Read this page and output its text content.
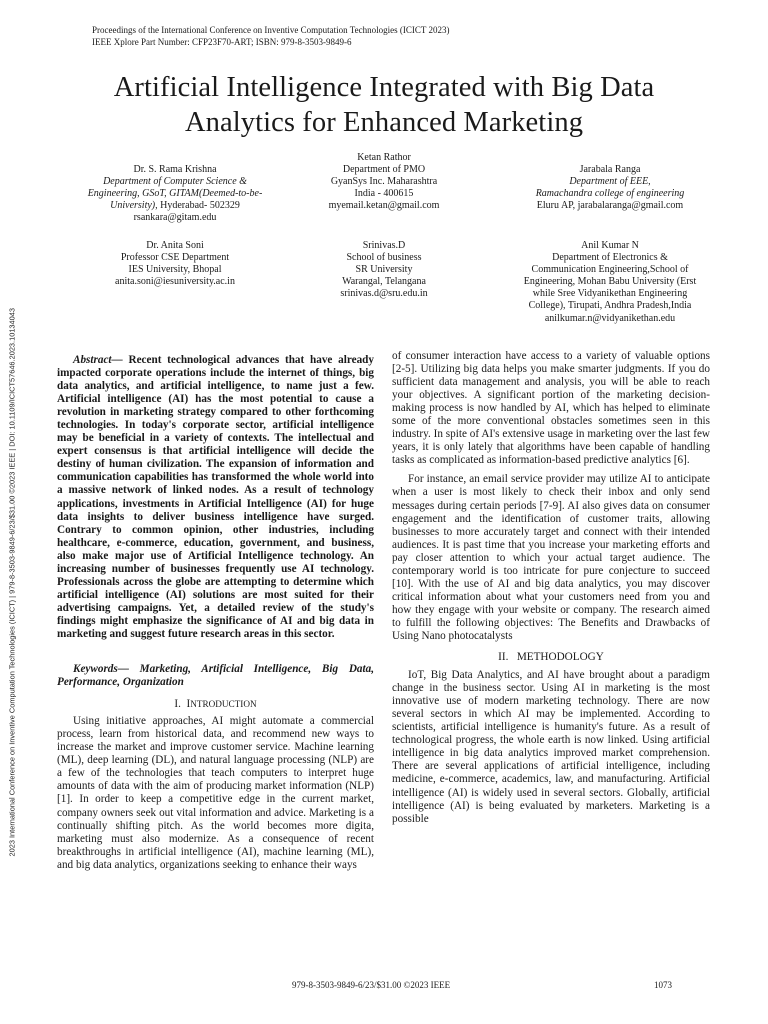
Proceedings of the International Conference on Inventive Computation Technologies (ICICT 2023)
IEEE Xplore Part Number: CFP23F70-ART; ISBN: 979-8-3503-9849-6
Artificial Intelligence Integrated with Big Data
Analytics for Enhanced Marketing
Dr. S. Rama Krishna
Department of Computer Science &
Engineering, GSoT, GITAM(Deemed-to-be-
University), Hyderabad- 502329
rsankara@gitam.edu
Ketan Rathor
Department of PMO
GyanSys Inc. Maharashtra
India - 400615
myemail.ketan@gmail.com
Jarabala Ranga
Department of EEE,
Ramachandra college of engineering
Eluru AP, jarabalaranga@gmail.com
Dr. Anita Soni
Professor CSE Department
IES University, Bhopal
anita.soni@iesuniversity.ac.in
Srinivas.D
School of business
SR University
Warangal, Telangana
srinivas.d@sru.edu.in
Anil Kumar N
Department of Electronics &
Communication Engineering,School of
Engineering, Mohan Babu University (Erst
while Sree Vidyanikethan Engineering
College), Tirupati, Andhra Pradesh,India
anilkumar.n@vidyanikethan.edu
Abstract— Recent technological advances that have already impacted corporate operations include the internet of things, big data analytics, and artificial intelligence, to name just a few. Artificial intelligence (AI) has the most potential to cause a revolution in marketing strategy compared to other forthcoming technologies. In today's corporate sector, artificial intelligence may be beneficial in a variety of contexts. The intellectual and expert consensus is that artificial intelligence will decide the destiny of human civilization. The expansion of information and communication capabilities has transformed the whole world into a massive network of linked nodes. As a result of technology applications, investments in Artificial Intelligence (AI) for huge data insights to deliver business intelligence have surged. Contrary to common opinion, other industries, including healthcare, e-commerce, education, government, and business, also make major use of Artificial Intelligence technology. An increasing number of businesses frequently use AI technology. Professionals across the globe are attempting to determine which artificial intelligence (AI) solutions are most suited for their advertising campaigns. Yet, a detailed review of the study's findings might emphasize the significance of AI and big data in marketing and suggest future research areas in this sector.
Keywords— Marketing, Artificial Intelligence, Big Data, Performance, Organization
I. INTRODUCTION
Using initiative approaches, AI might automate a commercial process, learn from historical data, and recommend new ways to increase the market and improve customer service. Machine learning (ML), deep learning (DL), and natural language processing (NLP) are a few of the technologies that teach computers to interpret huge amounts of data with the aim of producing market information (NLP) [1]. In order to keep a competitive edge in the current market, company owners seek out vital information and advice. Marketing is a continually shifting pitch. As the world becomes more digita, marketing must also modernize. As a consequence of recent breakthroughs in artificial intelligence (AI), machine learning (ML), and big data analytics, organizations seeking to enhance their ways
of consumer interaction have access to a variety of valuable options [2-5]. Utilizing big data helps you make smarter judgments. If you do sufficient data management and analysis, you will be able to reach your objectives. A significant portion of the marketing decision-making process is now handled by AI, which has helped to eliminate some of the more conventional obstacles sometimes seen in this industry. In spite of AI's extensive usage in marketing over the last few years, it is only lately that algorithms have been capable of handling tasks as complicated as information-based predictive analytics [6].
For instance, an email service provider may utilize AI to anticipate when a user is most likely to check their inbox and only send messages during certain periods [7-9]. AI also gives data on consumer engagement and the identification of customer traits, allowing businesses to more accurately target and connect with their intended audiences. It is past time that you increase your marketing efforts and pay closer attention to which your actual target audience. The contemporary world is too intricate for pure conjecture to succeed [10]. With the use of AI and big data analytics, you may discover critical information about what your customers need from you and how they engage with your website or company. The research aimed to fulfill the following objectives: The Benefits and Drawbacks of Using Nano photocatalysts
II. METHODOLOGY
IoT, Big Data Analytics, and AI have brought about a paradigm change in the business sector. Using AI in marketing is the most innovative use of modern marketing technology. There are now several sectors in which AI may be implemented. According to scientists, artificial intelligence is humanity's future. As a result of technological progress, the whole earth is now linked. Using artificial intelligence in big data analytics improved market comprehension. There are several applications of artificial intelligence, including medicine, e-commerce, academics, law, and manufacturing. Artificial intelligence (AI) is widely used in several sectors. Globally, artificial intelligence (AI) is being evaluated by marketers. Marketing is a possible
2023 International Conference on Inventive Computation Technologies (ICICT) | 979-8-3503-9849-6/23/$31.00 ©2023 IEEE | DOI: 10.1109/ICICT57646.2023.10134043
979-8-3503-9849-6/23/$31.00 ©2023 IEEE	1073
